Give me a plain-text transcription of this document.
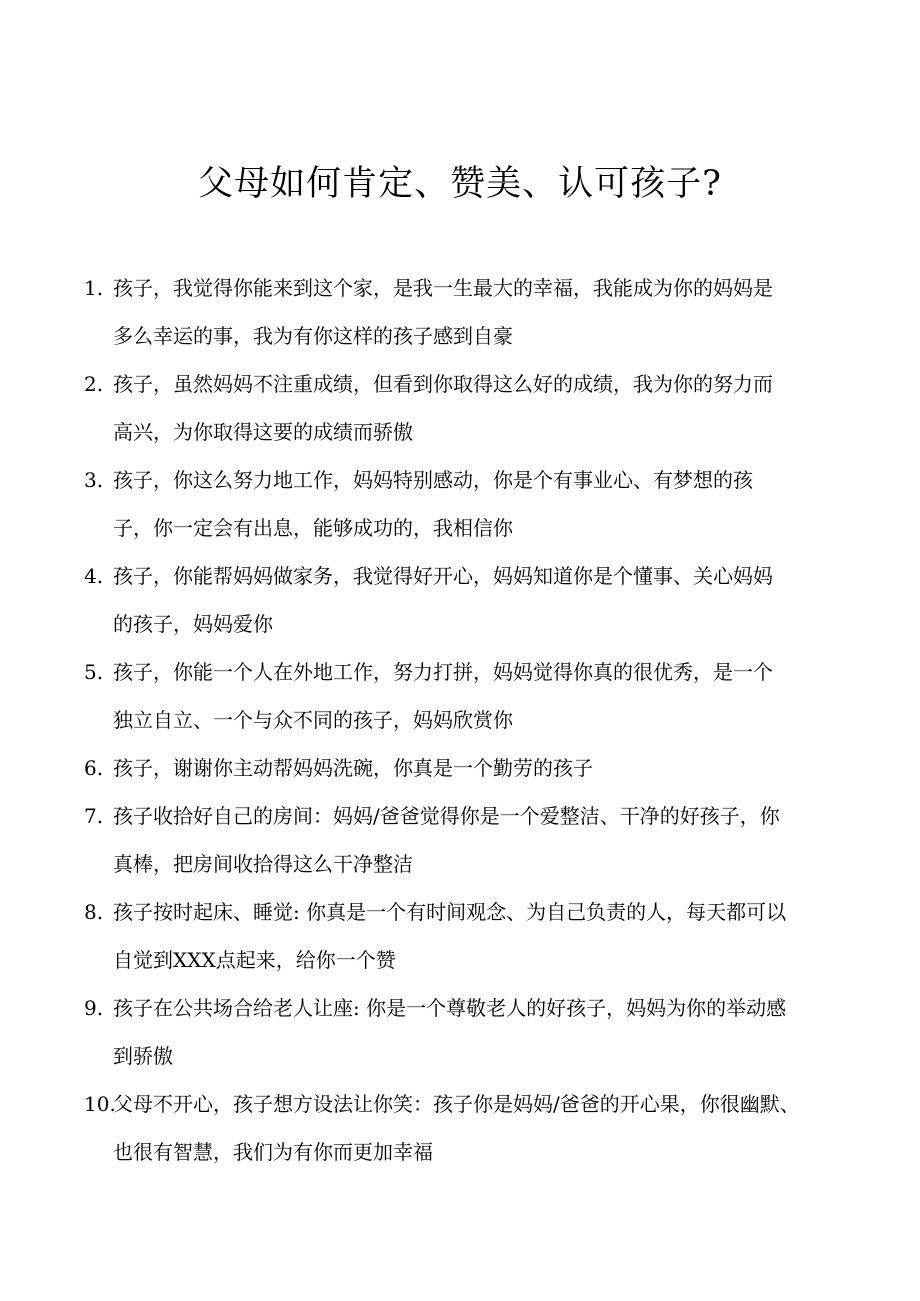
父母如何肯定、赞美、认可孩子?
1. 孩子，我觉得你能来到这个家，是我一生最大的幸福，我能成为你的妈妈是
多么幸运的事，我为有你这样的孩子感到自豪
2. 孩子，虽然妈妈不注重成绩，但看到你取得这么好的成绩，我为你的努力而
高兴，为你取得这要的成绩而骄傲
3. 孩子，你这么努力地工作，妈妈特别感动，你是个有事业心、有梦想的孩
子，你一定会有出息，能够成功的，我相信你
4. 孩子，你能帮妈妈做家务，我觉得好开心，妈妈知道你是个懂事、关心妈妈
的孩子，妈妈爱你
5. 孩子，你能一个人在外地工作，努力打拼，妈妈觉得你真的很优秀，是一个
独立自立、一个与众不同的孩子，妈妈欣赏你
6. 孩子，谢谢你主动帮妈妈洗碗，你真是一个勤劳的孩子
7. 孩子收拾好自己的房间：妈妈/爸爸觉得你是一个爱整洁、干净的好孩子，你
真棒，把房间收拾得这么干净整洁
8. 孩子按时起床、睡觉: 你真是一个有时间观念、为自己负责的人，每天都可以
自觉到XXX点起来，给你一个赞
9. 孩子在公共场合给老人让座: 你是一个尊敬老人的好孩子，妈妈为你的举动感
到骄傲
10.
父母不开心，孩子想方设法让你笑：孩子你是妈妈/爸爸的开心果，你很幽默、
也很有智慧，我们为有你而更加幸福
